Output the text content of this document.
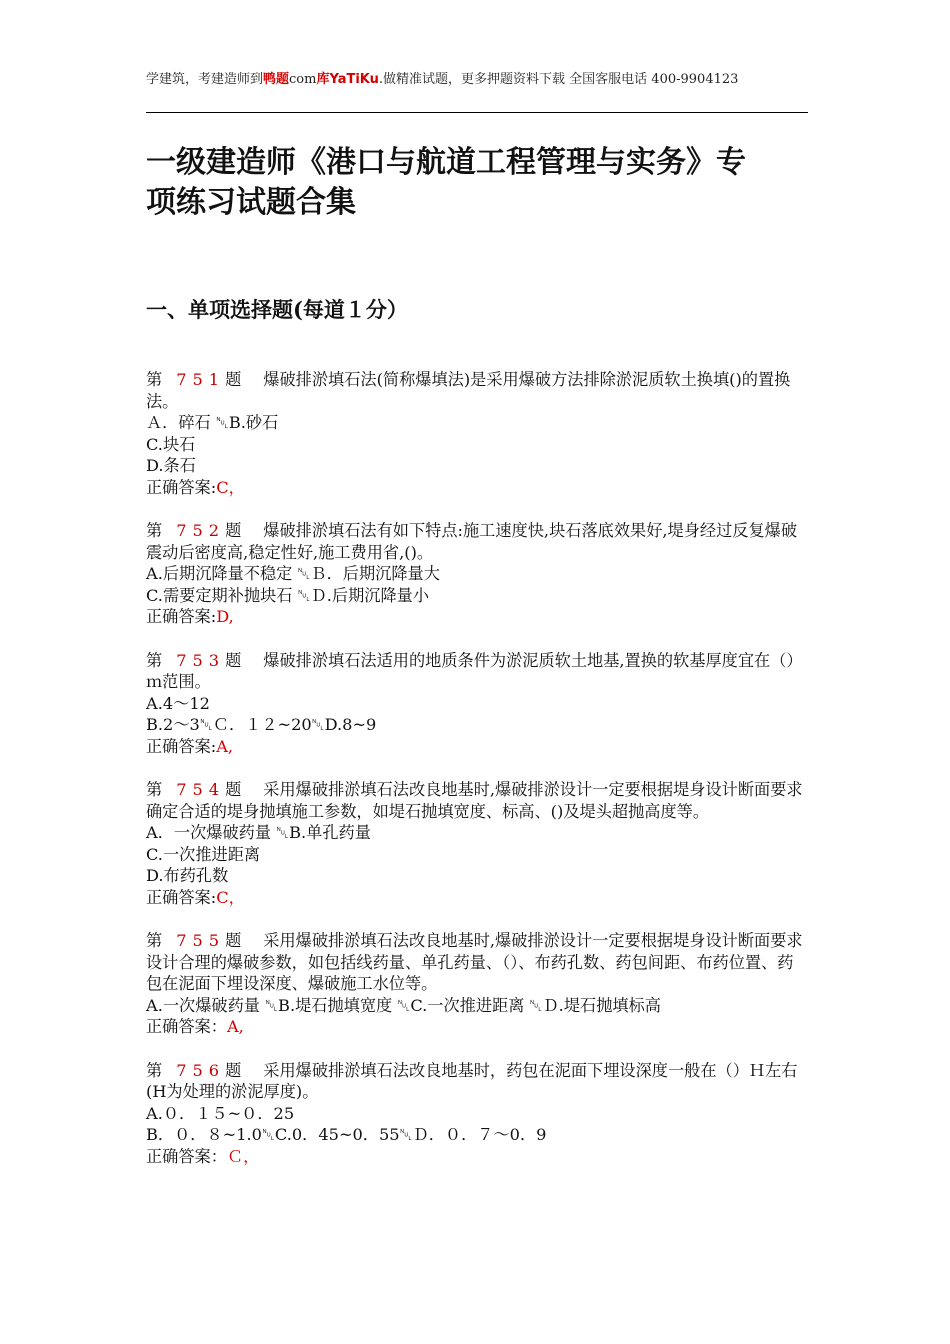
学建筑，考建造师到鸭题com库YaTiKu.做精准试题，更多押题资料下载 全国客服电话 400-9904123
一级建造师《港口与航道工程管理与实务》专项练习试题合集
一、单项选择题(每道１分）
第 751题 爆破排淤填石法(简称爆填法)是采用爆破方法排除淤泥质软土换填()的置换法。
Ａ．碎石 ␀B.砂石
C.块石
D.条石
正确答案:C，
第 752题 爆破排淤填石法有如下特点:施工速度快,块石落底效果好,堤身经过反复爆破震动后密度高,稳定性好,施工费用省,()。
A.后期沉降量不稳定 ␀Ｂ．后期沉降量大
C.需要定期补抛块石 ␀Ｄ.后期沉降量小
正确答案:D,
第 753题 爆破排淤填石法适用的地质条件为淤泥质软土地基,置换的软基厚度宜在（）ｍ范围。
A.4～12
B.2～3␀Ｃ．１２~20␀D.8~9
正确答案:A,
第 754题 采用爆破排淤填石法改良地基时,爆破排淤设计一定要根据堤身设计断面要求确定合适的堤身抛填施工参数，如堤石抛填宽度、标高、()及堤头超抛高度等。
A．一次爆破药量 ␀B.单孔药量
C.一次推进距离
D.布药孔数
正确答案:C，
第 755题 采用爆破排淤填石法改良地基时,爆破排淤设计一定要根据堤身设计断面要求设计合理的爆破参数，如包括线药量、单孔药量、（）、布药孔数、药包间距、布药位置、药包在泥面下埋设深度、爆破施工水位等。
A.一次爆破药量 ␀B.堤石抛填宽度 ␀C.一次推进距离 ␀Ｄ.堤石抛填标高
正确答案：A,
第 756题 采用爆破排淤填石法改良地基时，药包在泥面下埋设深度一般在（）Ｈ左右(H为处理的淤泥厚度)。
A.０．１５~０．25
B．０．８~1.0␀C.0．45~0．55␀Ｄ．０．７～0．9
正确答案：Ｃ，
